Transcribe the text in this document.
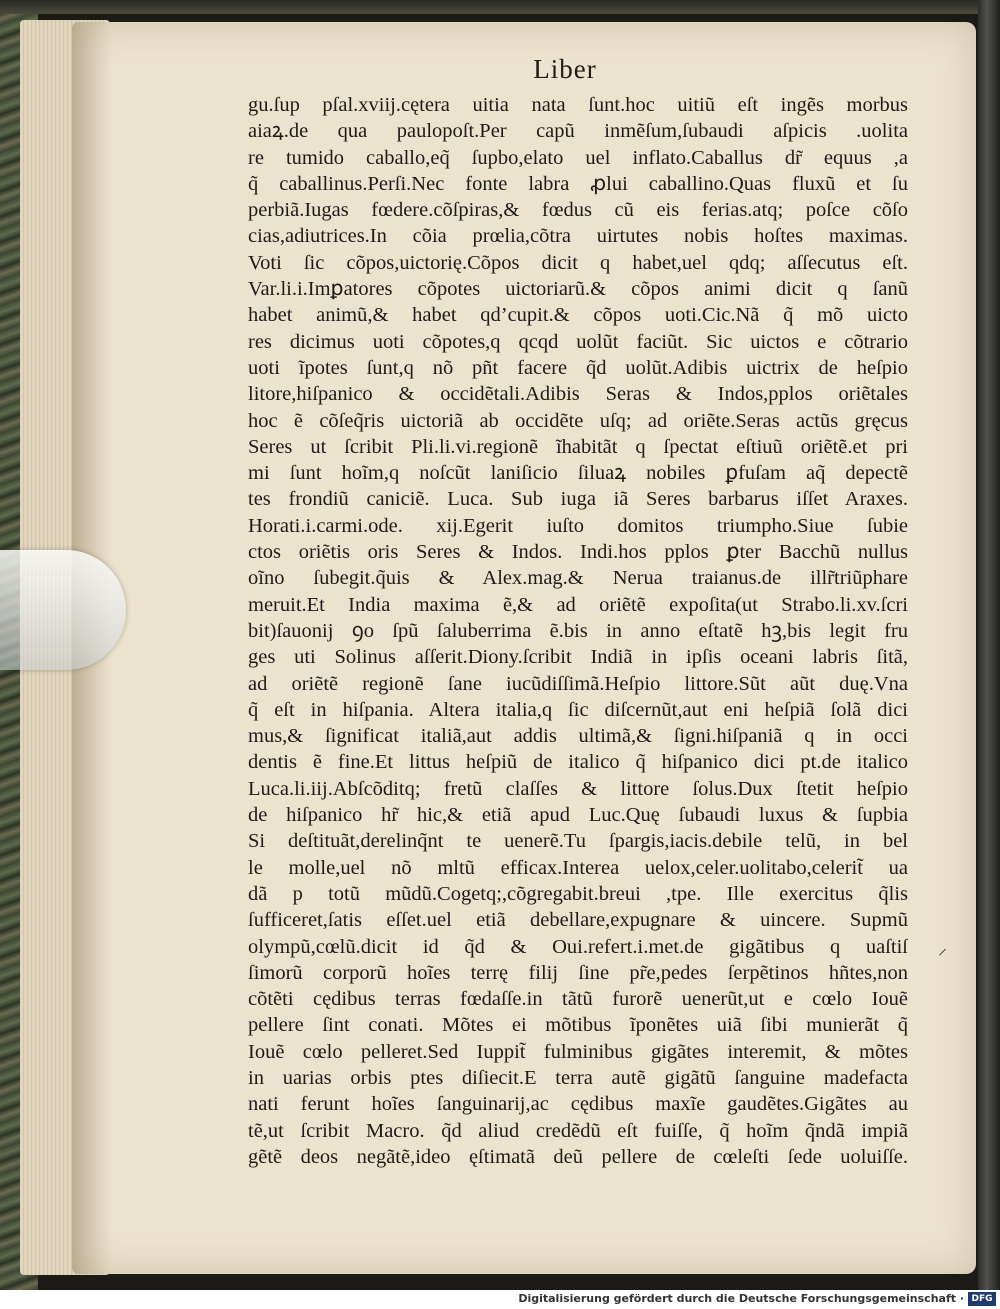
Liber
gu.ſup pſal.xviij.cętera uitia nata ſunt.hoc uitiũ eſt ingẽs morbus
aiaꝝ.de qua paulopoſt.Per capũ inmẽſum,ſubaudi aſpicis .uolita
re tumido caballo,eq̃ ſupbo,elato uel inflato.Caballus dr̃ equus ,a
q̃ caballinus.Perſi.Nec fonte labra ꝓlui caballino.Quas fluxũ et ſu
perbiã.Iugas fœdere.cõſpiras,& fœdus cũ eis ferias.atq; poſce cõſo
cias,adiutrices.In cõia prœlia,cõtra uirtutes nobis hoſtes maximas.
Voti ſic cõpos,uictorię.Cõpos dicit q habet,uel qdq; aſſecutus eſt.
Var.li.i.Imꝑatores cõpotes uictoriarũ.& cõpos animi dicit q ſanũ
habet animũ,& habet qd’cupit.& cõpos uoti.Cic.Nã q̃ mõ uicto
res dicimus uoti cõpotes,q qcqd uolũt faciũt. Sic uictos e cõtrario
uoti ĩpotes ſunt,q nõ pñt facere q̃d uolũt.Adibis uictrix de heſpio
litore,hiſpanico & occidẽtali.Adibis Seras & Indos,pplos oriẽtales
hoc ẽ cõſeq̃ris uictoriã ab occidẽte uſq; ad oriẽte.Seras actũs gręcus
Seres ut ſcribit Pli.li.vi.regionẽ ĩhabitãt q ſpectat eſtiuũ oriẽtẽ.et pri
mi ſunt hoĩm,q noſcũt laniſicio ſiluaꝝ nobiles ꝑfuſam aq̃ depectẽ
tes frondiũ caniciẽ. Luca. Sub iuga iã Seres barbarus iſſet Araxes.
Horati.i.carmi.ode. xij.Egerit iuſto domitos triumpho.Siue ſubie
ctos oriẽtis oris Seres & Indos. Indi.hos pplos ꝑter Bacchũ nullus
oĩno ſubegit.q̃uis & Alex.mag.& Nerua traianus.de illr̃triũphare
meruit.Et India maxima ẽ,& ad oriẽtẽ expoſita(ut Strabo.li.xv.ſcri
bit)ſauonij ꝯo ſpũ ſaluberrima ẽ.bis in anno eſtatẽ hꝫ,bis legit fru
ges uti Solinus aſſerit.Diony.ſcribit Indiã in ipſis oceani labris ſitã,
ad oriẽtẽ regionẽ ſane iucũdiſſimã.Heſpio littore.Sũt aũt duę.Vna
q̃ eſt in hiſpania. Altera italia,q ſic diſcernũt,aut eni heſpiã ſolã dici
mus,& ſignificat italiã,aut addis ultimã,& ſigni.hiſpaniã q in occi
dentis ẽ fine.Et littus heſpiũ de italico q̃ hiſpanico dici pt.de italico
Luca.li.iij.Abſcõditq; fretũ claſſes & littore ſolus.Dux ſtetit heſpio
de hiſpanico hr̃ hic,& etiã apud Luc.Quę ſubaudi luxus & ſupbia
Si deſtituãt,derelinq̃nt te uenerẽ.Tu ſpargis,iacis.debile telũ, in bel
le molle,uel nõ mltũ efficax.Interea uelox,celer.uolitabo,celerit̃ ua
dã p totũ mũdũ.Cogetq;,cõgregabit.breui ,tpe. Ille exercitus q̃lis
ſufficeret,ſatis eſſet.uel etiã debellare,expugnare & uincere. Supmũ
olympũ,cœlũ.dicit id q̃d & Oui.refert.i.met.de gigãtibus q uaſtiſ
ſimorũ corporũ hoĩes terrę filij ſine pr̃e,pedes ſerpẽtinos hñtes,non
cõtẽti cędibus terras fœdaſſe.in tãtũ furorẽ uenerũt,ut e cœlo Iouẽ
pellere ſint conati. Mõtes ei mõtibus ĩponẽtes uiã ſibi munierãt q̃
Iouẽ cœlo pelleret.Sed Iuppit̃ fulminibus gigãtes interemit, & mõtes
in uarias orbis ptes diſiecit.E terra autẽ gigãtũ ſanguine madefacta
nati ferunt hoĩes ſanguinarij,ac cędibus maxĩe gaudẽtes.Gigãtes au
tẽ,ut ſcribit Macro. q̃d aliud credẽdũ eſt fuiſſe, q̃ hoĩm q̃ndã impiã
gẽtẽ deos negãtẽ,ideo ęſtimatã deũ pellere de cœleſti ſede uoluiſſe.
⸝
Digitalisierung gefördert durch die Deutsche Forschungsgemeinschaft · DFG
